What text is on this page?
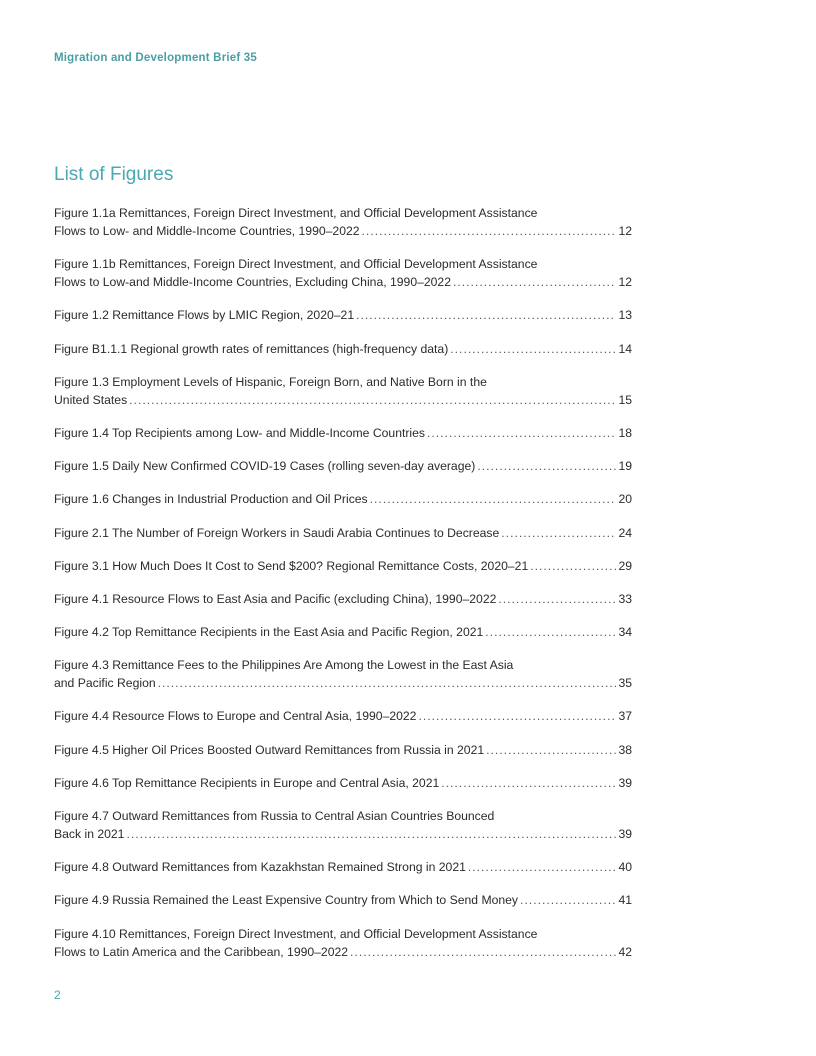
Migration and Development Brief 35
List of Figures
Figure 1.1a Remittances, Foreign Direct Investment, and Official Development Assistance
Flows to Low- and Middle-Income Countries, 1990–2022 .....	12
Figure 1.1b Remittances, Foreign Direct Investment, and Official Development Assistance
Flows to Low-and Middle-Income Countries, Excluding China, 1990–2022 .....	12
Figure 1.2 Remittance Flows by LMIC Region, 2020–21 .....	13
Figure B1.1.1 Regional growth rates of remittances (high-frequency data) .....	14
Figure 1.3 Employment Levels of Hispanic, Foreign Born, and Native Born in the
United States .....	15
Figure 1.4 Top Recipients among Low- and Middle-Income Countries .....	18
Figure 1.5 Daily New Confirmed COVID-19 Cases (rolling seven-day average) .....	19
Figure 1.6 Changes in Industrial Production and Oil Prices .....	20
Figure 2.1 The Number of Foreign Workers in Saudi Arabia Continues to Decrease .....	24
Figure 3.1 How Much Does It Cost to Send $200? Regional Remittance Costs, 2020–21 .....	29
Figure 4.1 Resource Flows to East Asia and Pacific (excluding China), 1990–2022 .....	33
Figure 4.2 Top Remittance Recipients in the East Asia and Pacific Region, 2021 .....	34
Figure 4.3 Remittance Fees to the Philippines Are Among the Lowest in the East Asia
and Pacific Region .....	35
Figure 4.4 Resource Flows to Europe and Central Asia, 1990–2022 .....	37
Figure 4.5 Higher Oil Prices Boosted Outward Remittances from Russia in 2021 .....	38
Figure 4.6 Top Remittance Recipients in Europe and Central Asia, 2021 .....	39
Figure 4.7 Outward Remittances from Russia to Central Asian Countries Bounced
Back in 2021 .....	39
Figure 4.8 Outward Remittances from Kazakhstan Remained Strong in 2021 .....	40
Figure 4.9 Russia Remained the Least Expensive Country from Which to Send Money .....	41
Figure 4.10 Remittances, Foreign Direct Investment, and Official Development Assistance
Flows to Latin America and the Caribbean, 1990–2022 .....	42
2
